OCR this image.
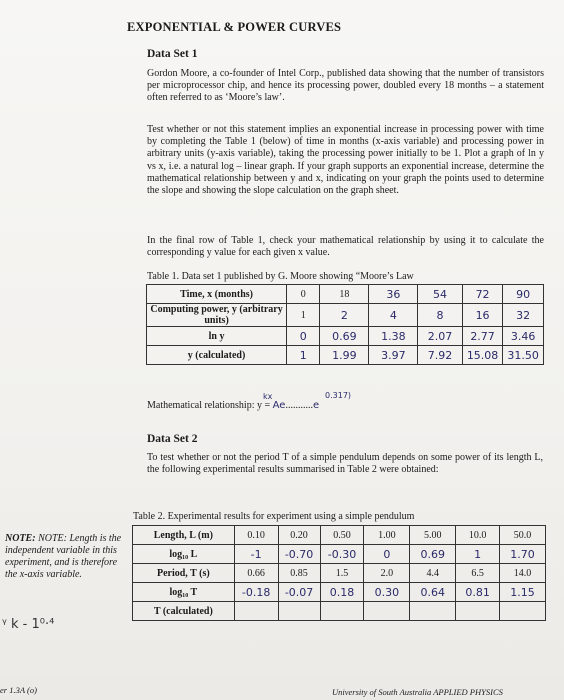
EXPONENTIAL & POWER CURVES
Data Set 1
Gordon Moore, a co-founder of Intel Corp., published data showing that the number of transistors per microprocessor chip, and hence its processing power, doubled every 18 months – a statement often referred to as ‘Moore’s law’.
Test whether or not this statement implies an exponential increase in processing power with time by completing the Table 1 (below) of time in months (x-axis variable) and processing power in arbitrary units (y-axis variable), taking the processing power initially to be 1. Plot a graph of ln y vs x, i.e. a natural log – linear graph. If your graph supports an exponential increase, determine the mathematical relationship between y and x, indicating on your graph the points used to determine the slope and showing the slope calculation on the graph sheet.
In the final row of Table 1, check your mathematical relationship by using it to calculate the corresponding y value for each given x value.
Table 1. Data set 1 published by G. Moore showing “Moore’s Law
Time, x (months)	0	18	36	54	72	90
Computing power, y (arbitrary units)	1	2	4	8	16	32
ln y	0	0.69	1.38	2.07	2.77	3.46
y (calculated)	1	1.99	3.97	7.92	15.08	31.50
Mathematical relationship: y = Ae...........e
kx	0.317)
Data Set 2
To test whether or not the period T of a simple pendulum depends on some power of its length L, the following experimental results summarised in Table 2 were obtained:
Table 2. Experimental results for experiment using a simple pendulum
Length, L (m)	0.10	0.20	0.50	1.00	5.00	10.0	50.0
log₁₀ L	-1	-0.70	-0.30	0	0.69	1	1.70
Period, T (s)	0.66	0.85	1.5	2.0	4.4	6.5	14.0
log₁₀ T	-0.18	-0.07	0.18	0.30	0.64	0.81	1.15
T (calculated)							
NOTE: NOTE: Length is the independent variable in this experiment, and is therefore the x-axis variable.
ᵞ k - 1⁰·⁴
er 1.3A (o)	University of South Australia APPLIED PHYSICS
